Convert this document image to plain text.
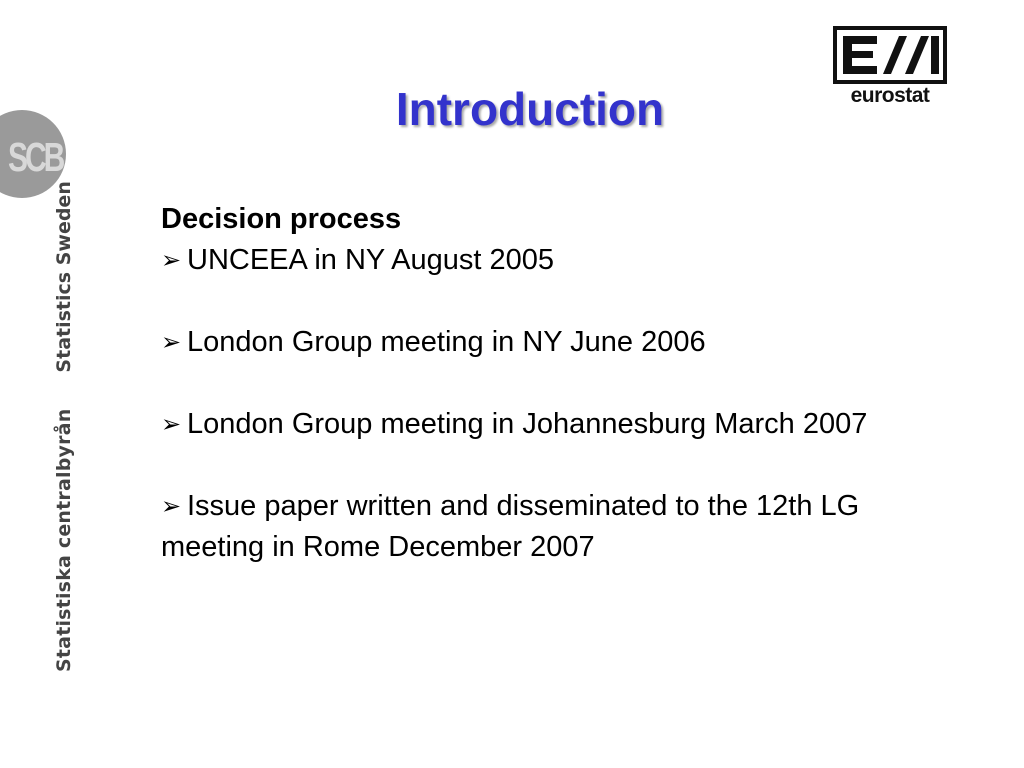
SCB
Statistiska centralbyrånStatistics Sweden
eurostat
Introduction

Decision process

➢ UNCEEA in NY August 2005
➢ London Group meeting in NY June 2006
➢ London Group meeting in Johannesburg March 2007
➢ Issue paper written and disseminated to the 12th LG meeting in Rome December 2007
